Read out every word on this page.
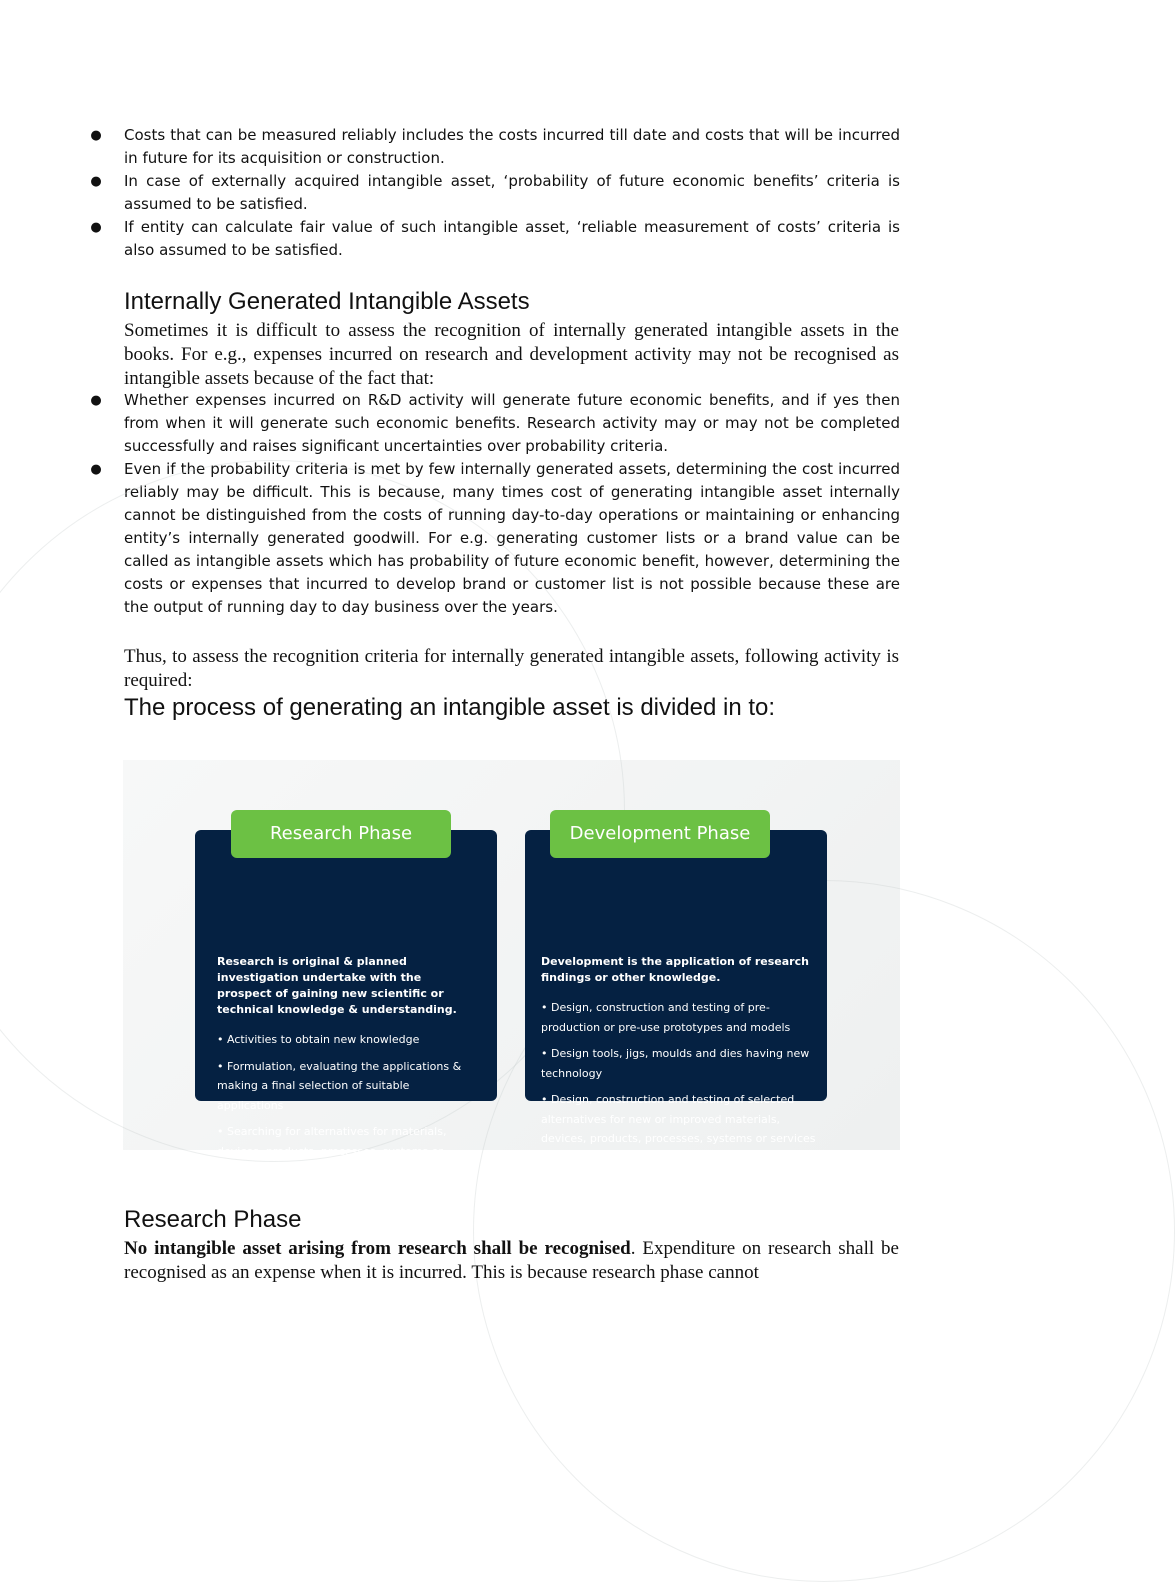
● Costs that can be measured reliably includes the costs incurred till date and costs that will be incurred in future for its acquisition or construction.
● In case of externally acquired intangible asset, ‘probability of future economic benefits’ criteria is assumed to be satisfied.
● If entity can calculate fair value of such intangible asset, ‘reliable measurement of costs’ criteria is also assumed to be satisfied.
Internally Generated Intangible Assets

Sometimes it is difficult to assess the recognition of internally generated intangible assets in the books. For e.g., expenses incurred on research and development activity may not be recognised as intangible assets because of the fact that:

● Whether expenses incurred on R&D activity will generate future economic benefits, and if yes then from when it will generate such economic benefits. Research activity may or may not be completed successfully and raises significant uncertainties over probability criteria.
● Even if the probability criteria is met by few internally generated assets, determining the cost incurred reliably may be difficult. This is because, many times cost of generating intangible asset internally cannot be distinguished from the costs of running day-to-day operations or maintaining or enhancing entity’s internally generated goodwill. For e.g. generating customer lists or a brand value can be called as intangible assets which has probability of future economic benefit, however, determining the costs or expenses that incurred to develop brand or customer list is not possible because these are the output of running day to day business over the years.

Thus, to assess the recognition criteria for internally generated intangible assets, following activity is required:

The process of generating an intangible asset is divided in to:

Research is original & planned investigation undertake with the prospect of gaining new scientific or technical knowledge & understanding.

• Activities to obtain new knowledge

• Formulation, evaluating the applications & making a final selection of suitable applications

• Searching for alternatives for materials, devices, products, processes, systems or services

Research Phase

Development is the application of research findings or other knowledge.

• Design, construction and testing of pre-production or pre-use prototypes and models

• Design tools, jigs, moulds and dies having new technology

• Design, construction and testing of selected alternatives for new or improved materials, devices, products, processes, systems or services

Development Phase
Research Phase

No intangible asset arising from research shall be recognised. Expenditure on research shall be recognised as an expense when it is incurred. This is because research phase cannot
